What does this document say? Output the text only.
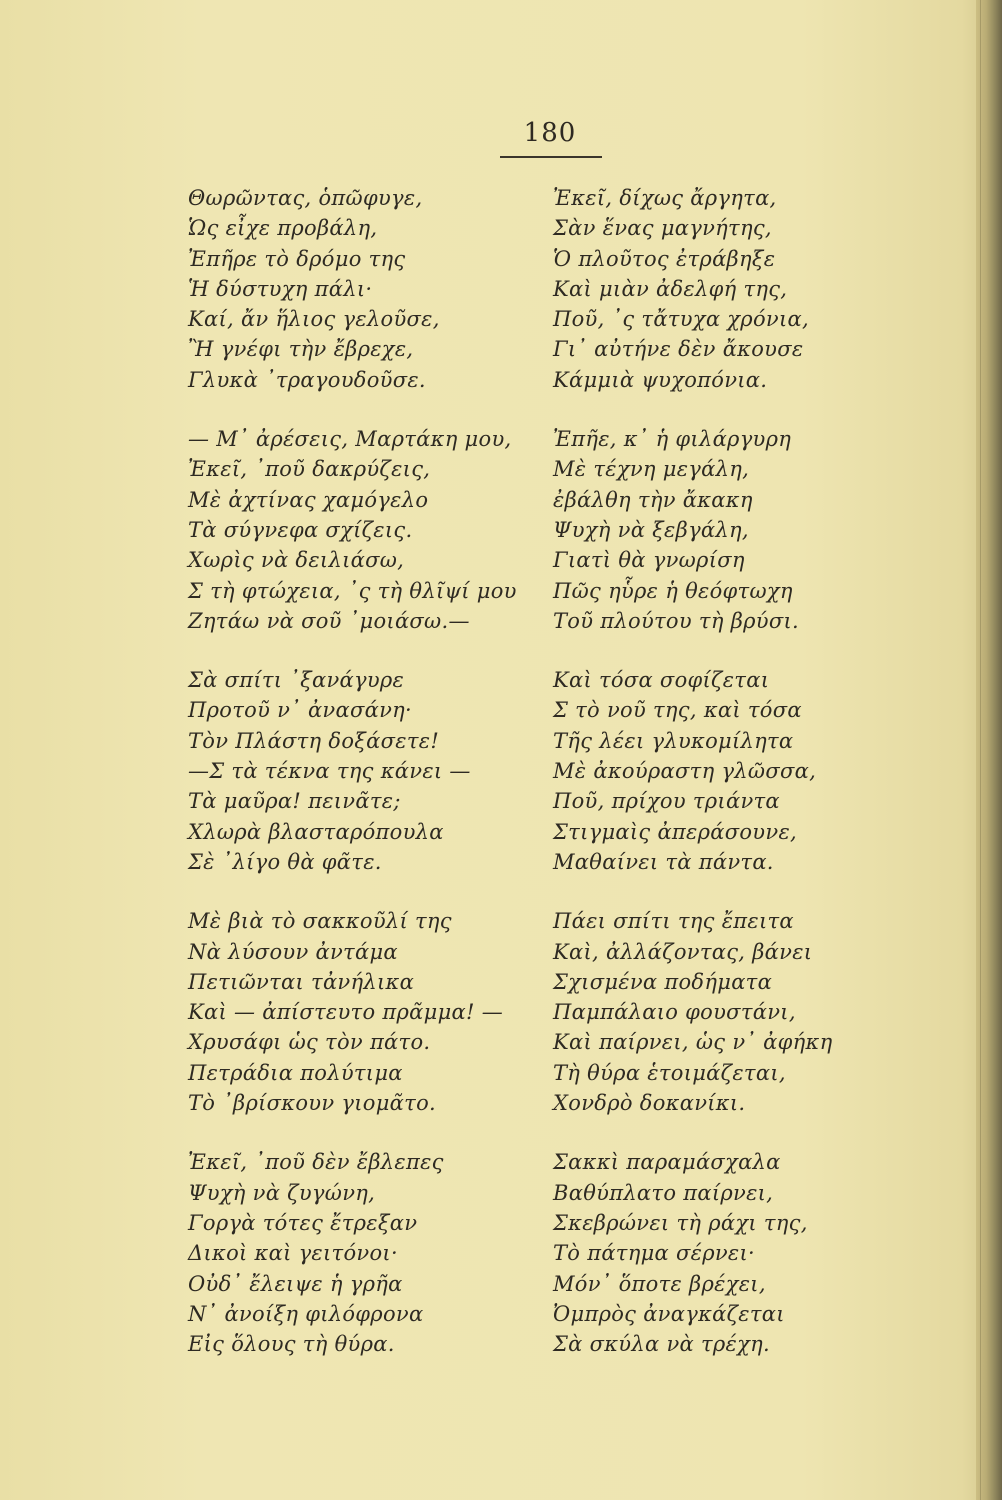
180
Θωρῶντας, ὁπῶφυγε,
Ὡς εἶχε προβάλη,
Ἐπῆρε τὸ δρόμο της
Ἡ δύστυχη πάλι·
Καί, ἄν ἥλιος γελοῦσε,
Ἢ γνέφι τὴν ἔβρεχε,
Γλυκὰ ᾿τραγουδοῦσε.
— Μ᾿ ἀρέσεις, Μαρτάκη μου,
Ἐκεῖ, ᾿ποῦ δακρύζεις,
Μὲ ἀχτίνας χαμόγελο
Τὰ σύγνεφα σχίζεις.
Χωρὶς νὰ δειλιάσω,
Σ τὴ φτώχεια, ᾿ς τὴ θλῖψί μου
Ζητάω νὰ σοῦ ᾿μοιάσω.—
Σὰ σπίτι ᾿ξανάγυρε
Προτοῦ ν᾿ ἀνασάνη·
Τὸν Πλάστη δοξάσετε!
—Σ τὰ τέκνα της κάνει —
Τὰ μαῦρα! πεινᾶτε;
Χλωρὰ βλασταρόπουλα
Σὲ ᾿λίγο θὰ φᾶτε.
Μὲ βιὰ τὸ σακκοῦλί της
Νὰ λύσουν ἀντάμα
Πετιῶνται τἀνήλικα
Καὶ — ἀπίστευτο πρᾶμμα! —
Χρυσάφι ὡς τὸν πάτο.
Πετράδια πολύτιμα
Τὸ ᾿βρίσκουν γιομᾶτο.
Ἐκεῖ, ᾿ποῦ δὲν ἔβλεπες
Ψυχὴ νὰ ζυγώνη,
Γοργὰ τότες ἔτρεξαν
Δικοὶ καὶ γειτόνοι·
Οὐδ᾿ ἔλειψε ἡ γρῆα
Ν᾿ ἀνοίξη φιλόφρονα
Εἰς ὅλους τὴ θύρα.
Ἐκεῖ, δίχως ἄργητα,
Σὰν ἕνας μαγνήτης,
Ὁ πλοῦτος ἐτράβηξε
Καὶ μιὰν ἀδελφή της,
Ποῦ, ᾿ς τἄτυχα χρόνια,
Γι᾿ αὐτήνε δὲν ἄκουσε
Κάμμιὰ ψυχοπόνια.
Ἐπῆε, κ᾿ ἡ φιλάργυρη
Μὲ τέχνη μεγάλη,
ἐβάλθη τὴν ἄκακη
Ψυχὴ νὰ ξεβγάλη,
Γιατὶ θὰ γνωρίση
Πῶς ηὗρε ἡ θεόφτωχη
Τοῦ πλούτου τὴ βρύσι.
Καὶ τόσα σοφίζεται
Σ τὸ νοῦ της, καὶ τόσα
Τῆς λέει γλυκομίλητα
Μὲ ἀκούραστη γλῶσσα,
Ποῦ, πρίχου τριάντα
Στιγμαὶς ἀπεράσουνε,
Μαθαίνει τὰ πάντα.
Πάει σπίτι της ἔπειτα
Καὶ, ἀλλάζοντας, βάνει
Σχισμένα ποδήματα
Παμπάλαιο φουστάνι,
Καὶ παίρνει, ὡς ν᾿ ἀφήκη
Τὴ θύρα ἑτοιμάζεται,
Χονδρὸ δοκανίκι.
Σακκὶ παραμάσχαλα
Βαθύπλατο παίρνει,
Σκεβρώνει τὴ ράχι της,
Τὸ πάτημα σέρνει·
Μόν᾿ ὅποτε βρέχει,
Ὀμπρὸς ἀναγκάζεται
Σὰ σκύλα νὰ τρέχη.
